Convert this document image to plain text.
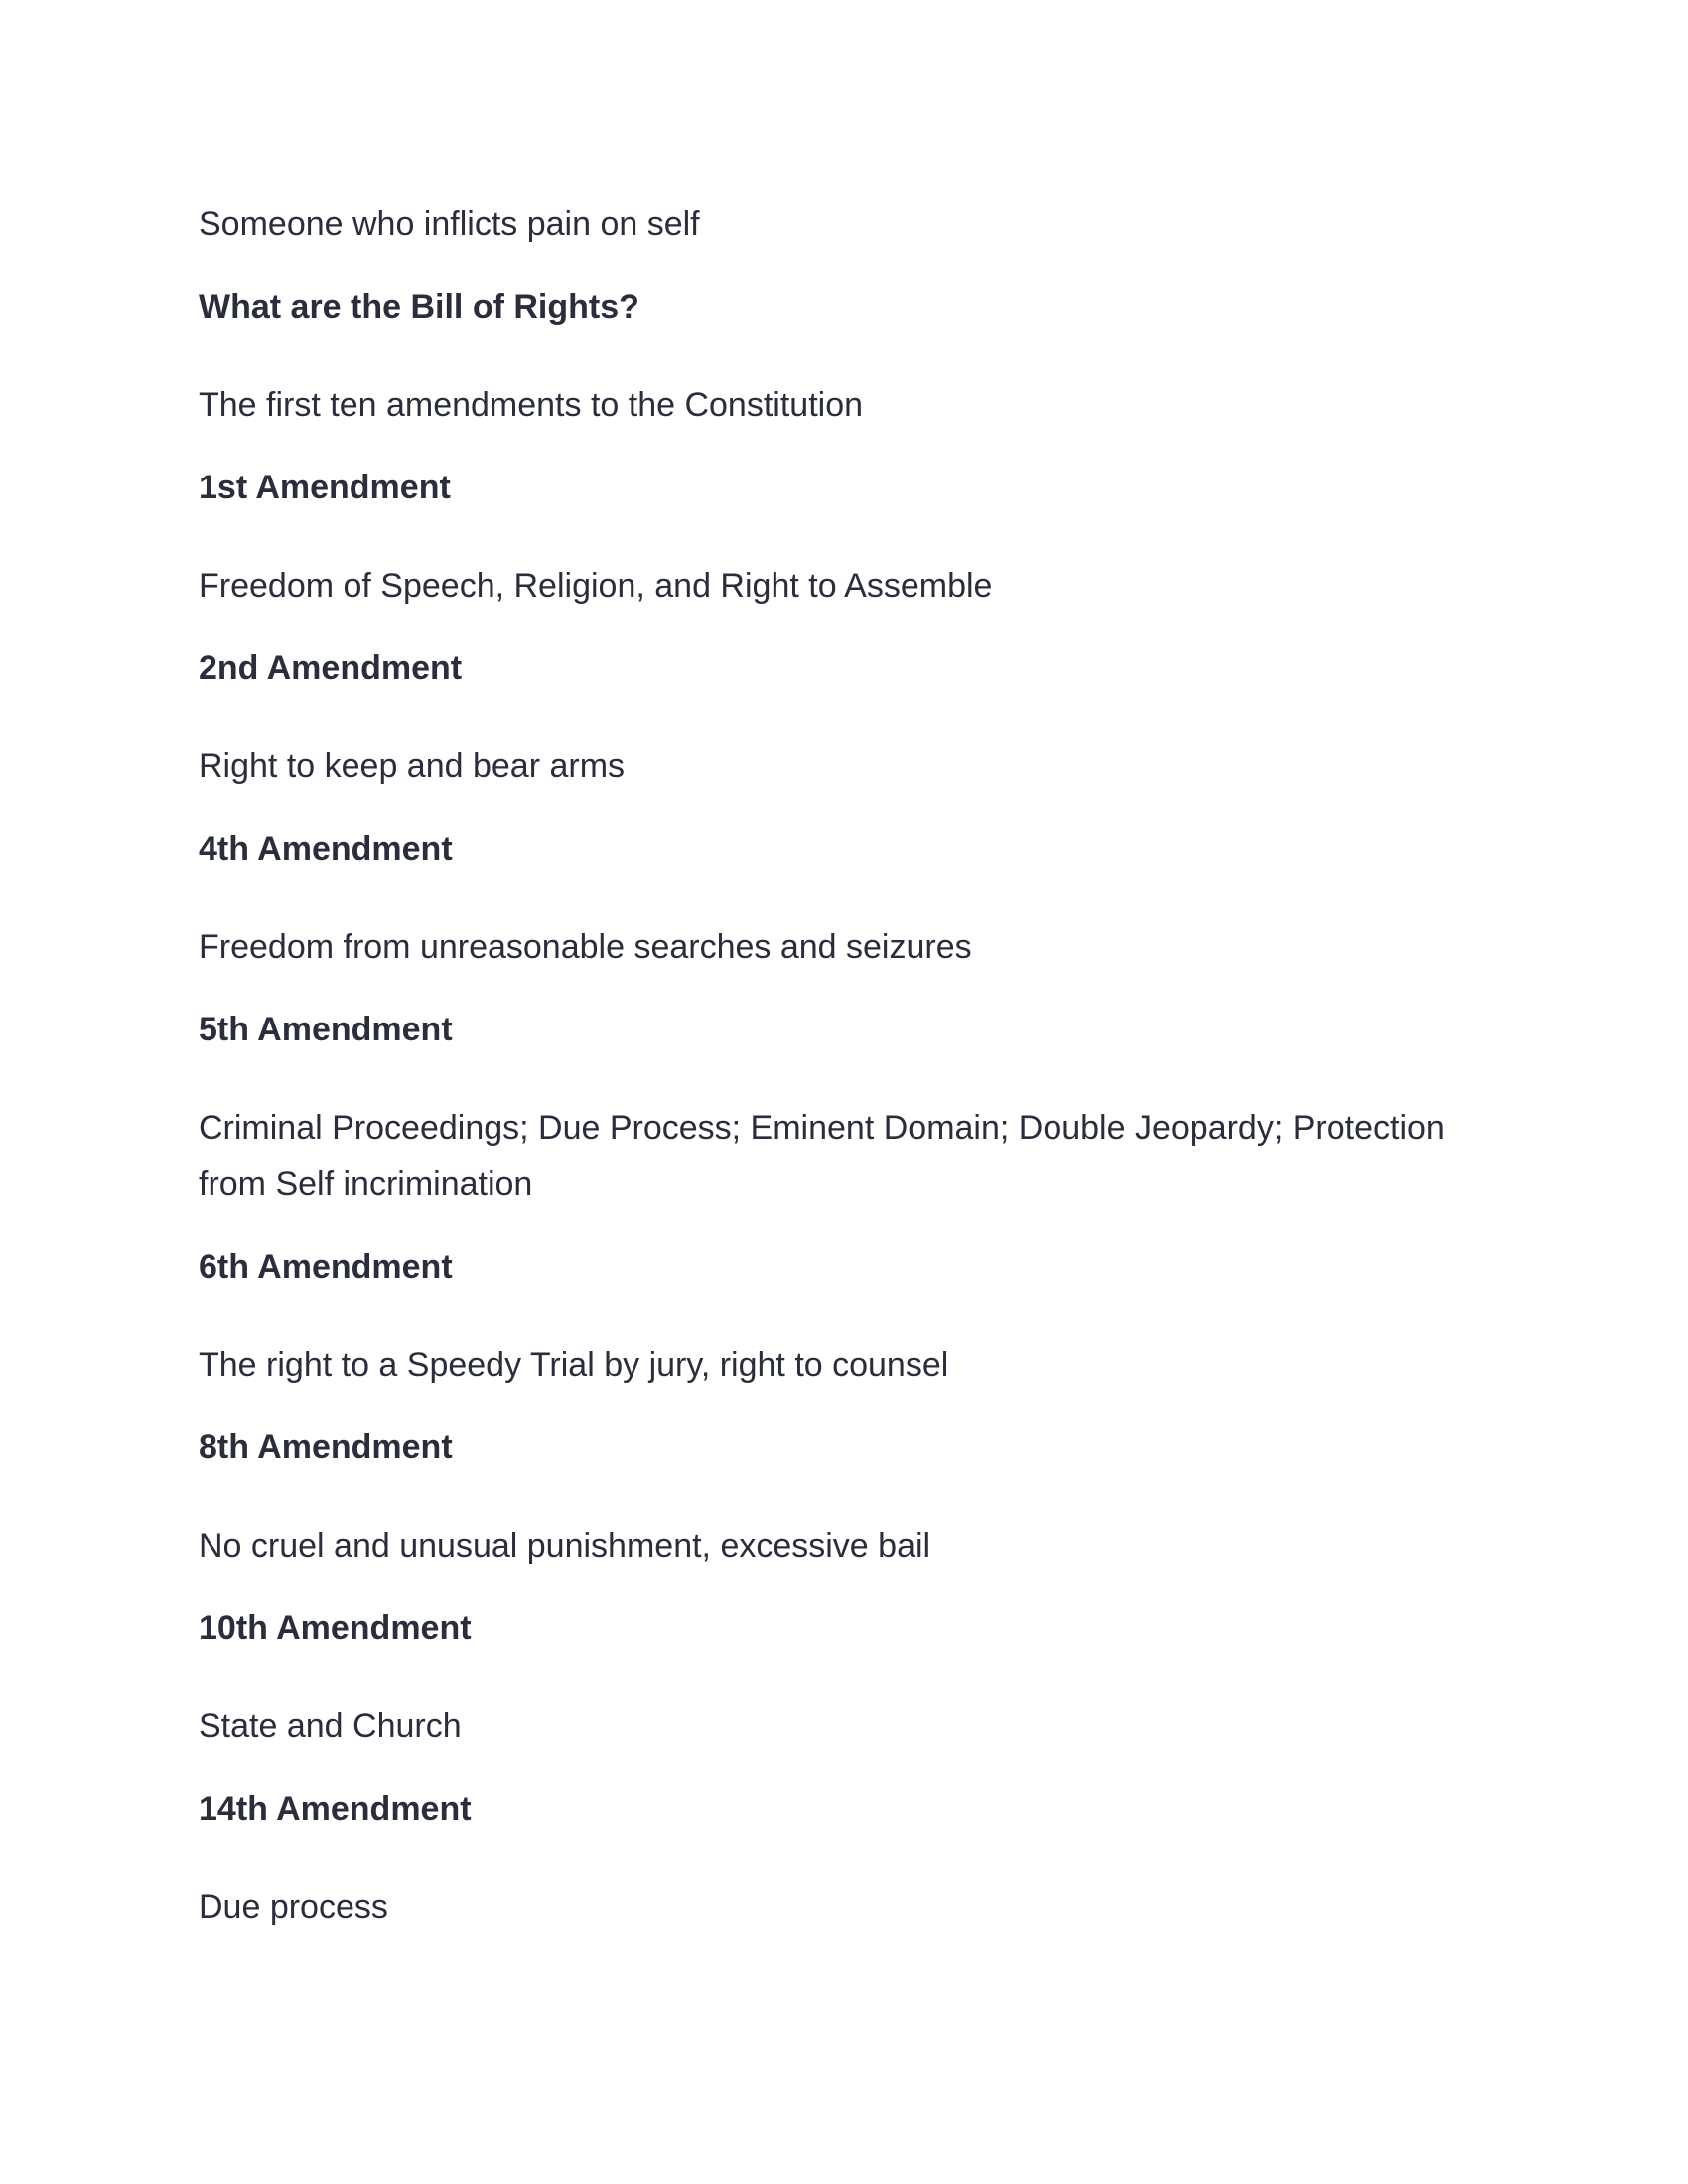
Someone who inflicts pain on self

What are the Bill of Rights?

The first ten amendments to the Constitution

1st Amendment

Freedom of Speech, Religion, and Right to Assemble

2nd Amendment

Right to keep and bear arms

4th Amendment

Freedom from unreasonable searches and seizures

5th Amendment

Criminal Proceedings; Due Process; Eminent Domain; Double Jeopardy; Protection from Self incrimination

6th Amendment

The right to a Speedy Trial by jury, right to counsel

8th Amendment

No cruel and unusual punishment, excessive bail

10th Amendment

State and Church

14th Amendment

Due process
